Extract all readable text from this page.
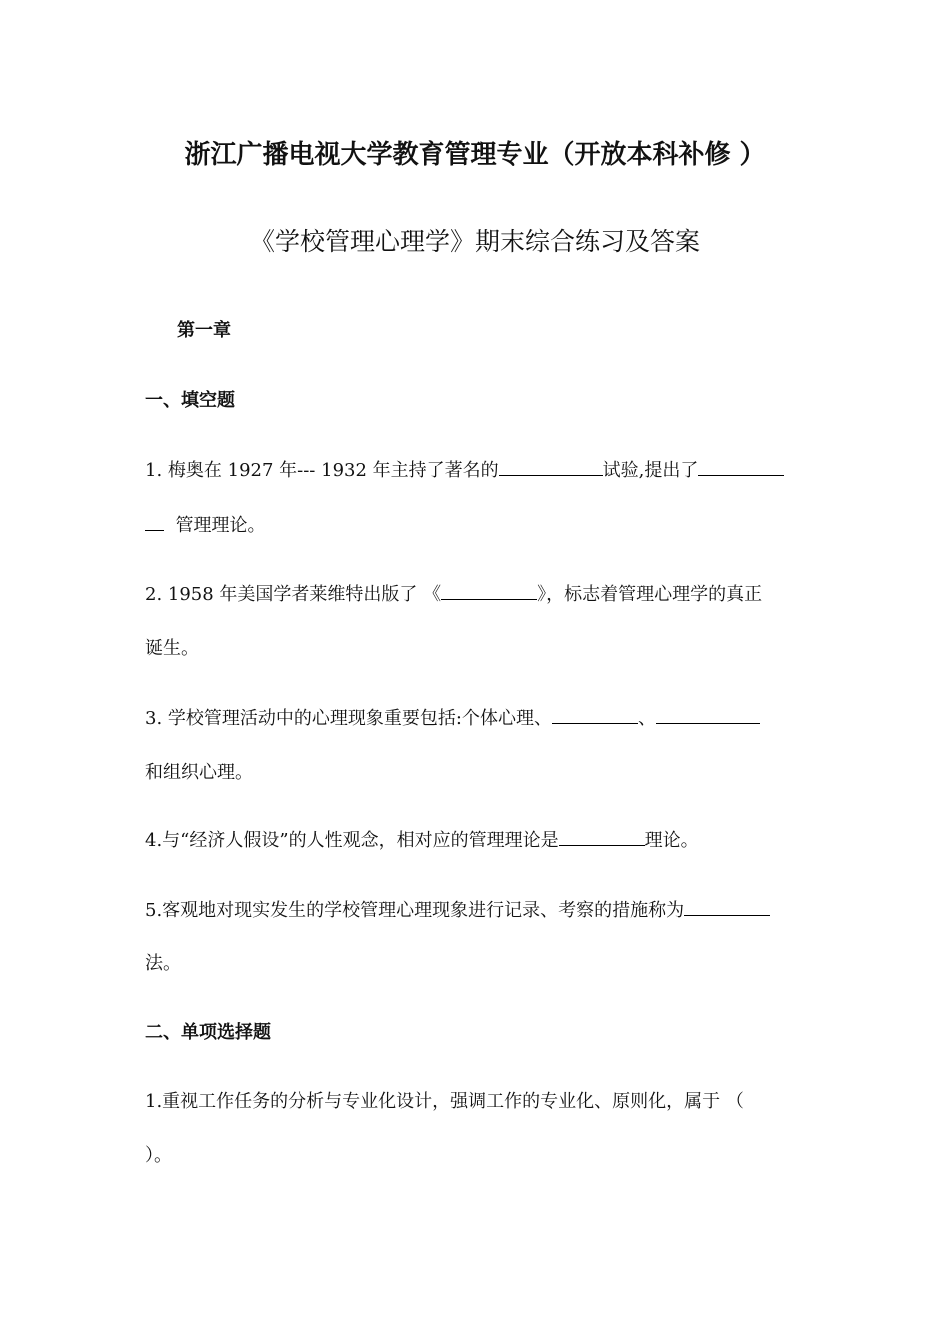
浙江广播电视大学教育管理专业（开放本科补修 ）
《学校管理心理学》期末综合练习及答案
第一章
一、填空题
1. 梅奥在 1927 年--- 1932 年主持了著名的	试验,提出了
管理理论。
2. 1958 年美国学者莱维特出版了 《	》，标志着管理心理学的真正
诞生。
3. 学校管理活动中的心理现象重要包括:个体心理、	、
和组织心理。
4.与“经济人假设”的人性观念，相对应的管理理论是	理论。
5.客观地对现实发生的学校管理心理现象进行记录、考察的措施称为
法。
二、单项选择题
1.重视工作任务的分析与专业化设计，强调工作的专业化、原则化，属于 （
）。
